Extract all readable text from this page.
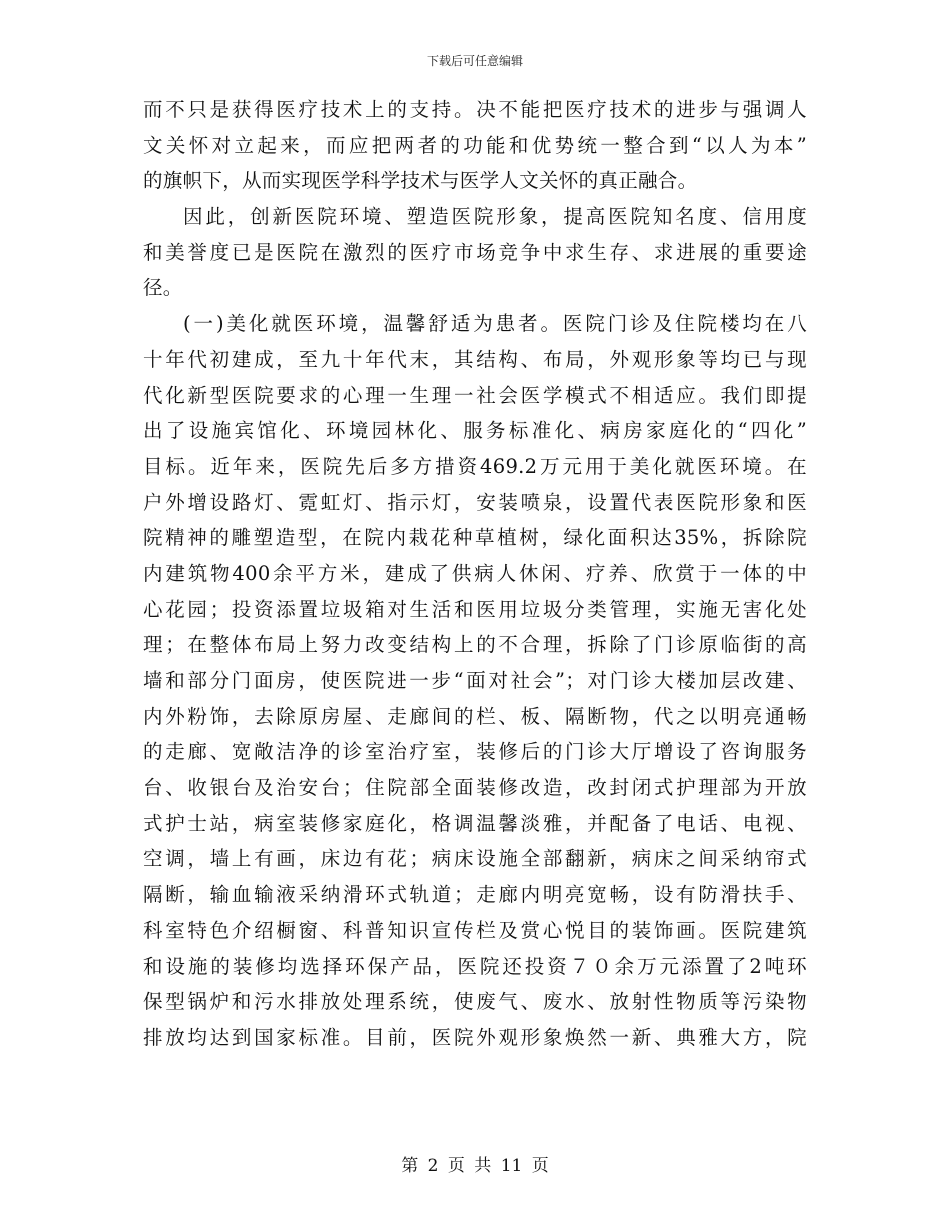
下载后可任意编辑
而不只是获得医疗技术上的支持。决不能把医疗技术的进步与强调人
文关怀对立起来，而应把两者的功能和优势统一整合到“以人为本”
的旗帜下，从而实现医学科学技术与医学人文关怀的真正融合。
因此，创新医院环境、塑造医院形象，提高医院知名度、信用度
和美誉度已是医院在激烈的医疗市场竞争中求生存、求进展的重要途
径。
(一)美化就医环境，温馨舒适为患者。医院门诊及住院楼均在八
十年代初建成，至九十年代末，其结构、布局，外观形象等均已与现
代化新型医院要求的心理一生理一社会医学模式不相适应。我们即提
出了设施宾馆化、环境园林化、服务标准化、病房家庭化的“四化”
目标。近年来，医院先后多方措资469.2万元用于美化就医环境。在
户外增设路灯、霓虹灯、指示灯，安装喷泉，设置代表医院形象和医
院精神的雕塑造型，在院内栽花种草植树，绿化面积达35%，拆除院
内建筑物400余平方米，建成了供病人休闲、疗养、欣赏于一体的中
心花园；投资添置垃圾箱对生活和医用垃圾分类管理，实施无害化处
理；在整体布局上努力改变结构上的不合理，拆除了门诊原临街的高
墙和部分门面房，使医院进一步“面对社会”；对门诊大楼加层改建、
内外粉饰，去除原房屋、走廊间的栏、板、隔断物，代之以明亮通畅
的走廊、宽敞洁净的诊室治疗室，装修后的门诊大厅增设了咨询服务
台、收银台及治安台；住院部全面装修改造，改封闭式护理部为开放
式护士站，病室装修家庭化，格调温馨淡雅，并配备了电话、电视、
空调，墙上有画，床边有花；病床设施全部翻新，病床之间采纳帘式
隔断，输血输液采纳滑环式轨道；走廊内明亮宽畅，设有防滑扶手、
科室特色介绍橱窗、科普知识宣传栏及赏心悦目的装饰画。医院建筑
和设施的装修均选择环保产品，医院还投资７０余万元添置了2吨环
保型锅炉和污水排放处理系统，使废气、废水、放射性物质等污染物
排放均达到国家标准。目前，医院外观形象焕然一新、典雅大方，院
第 2 页 共 11 页
